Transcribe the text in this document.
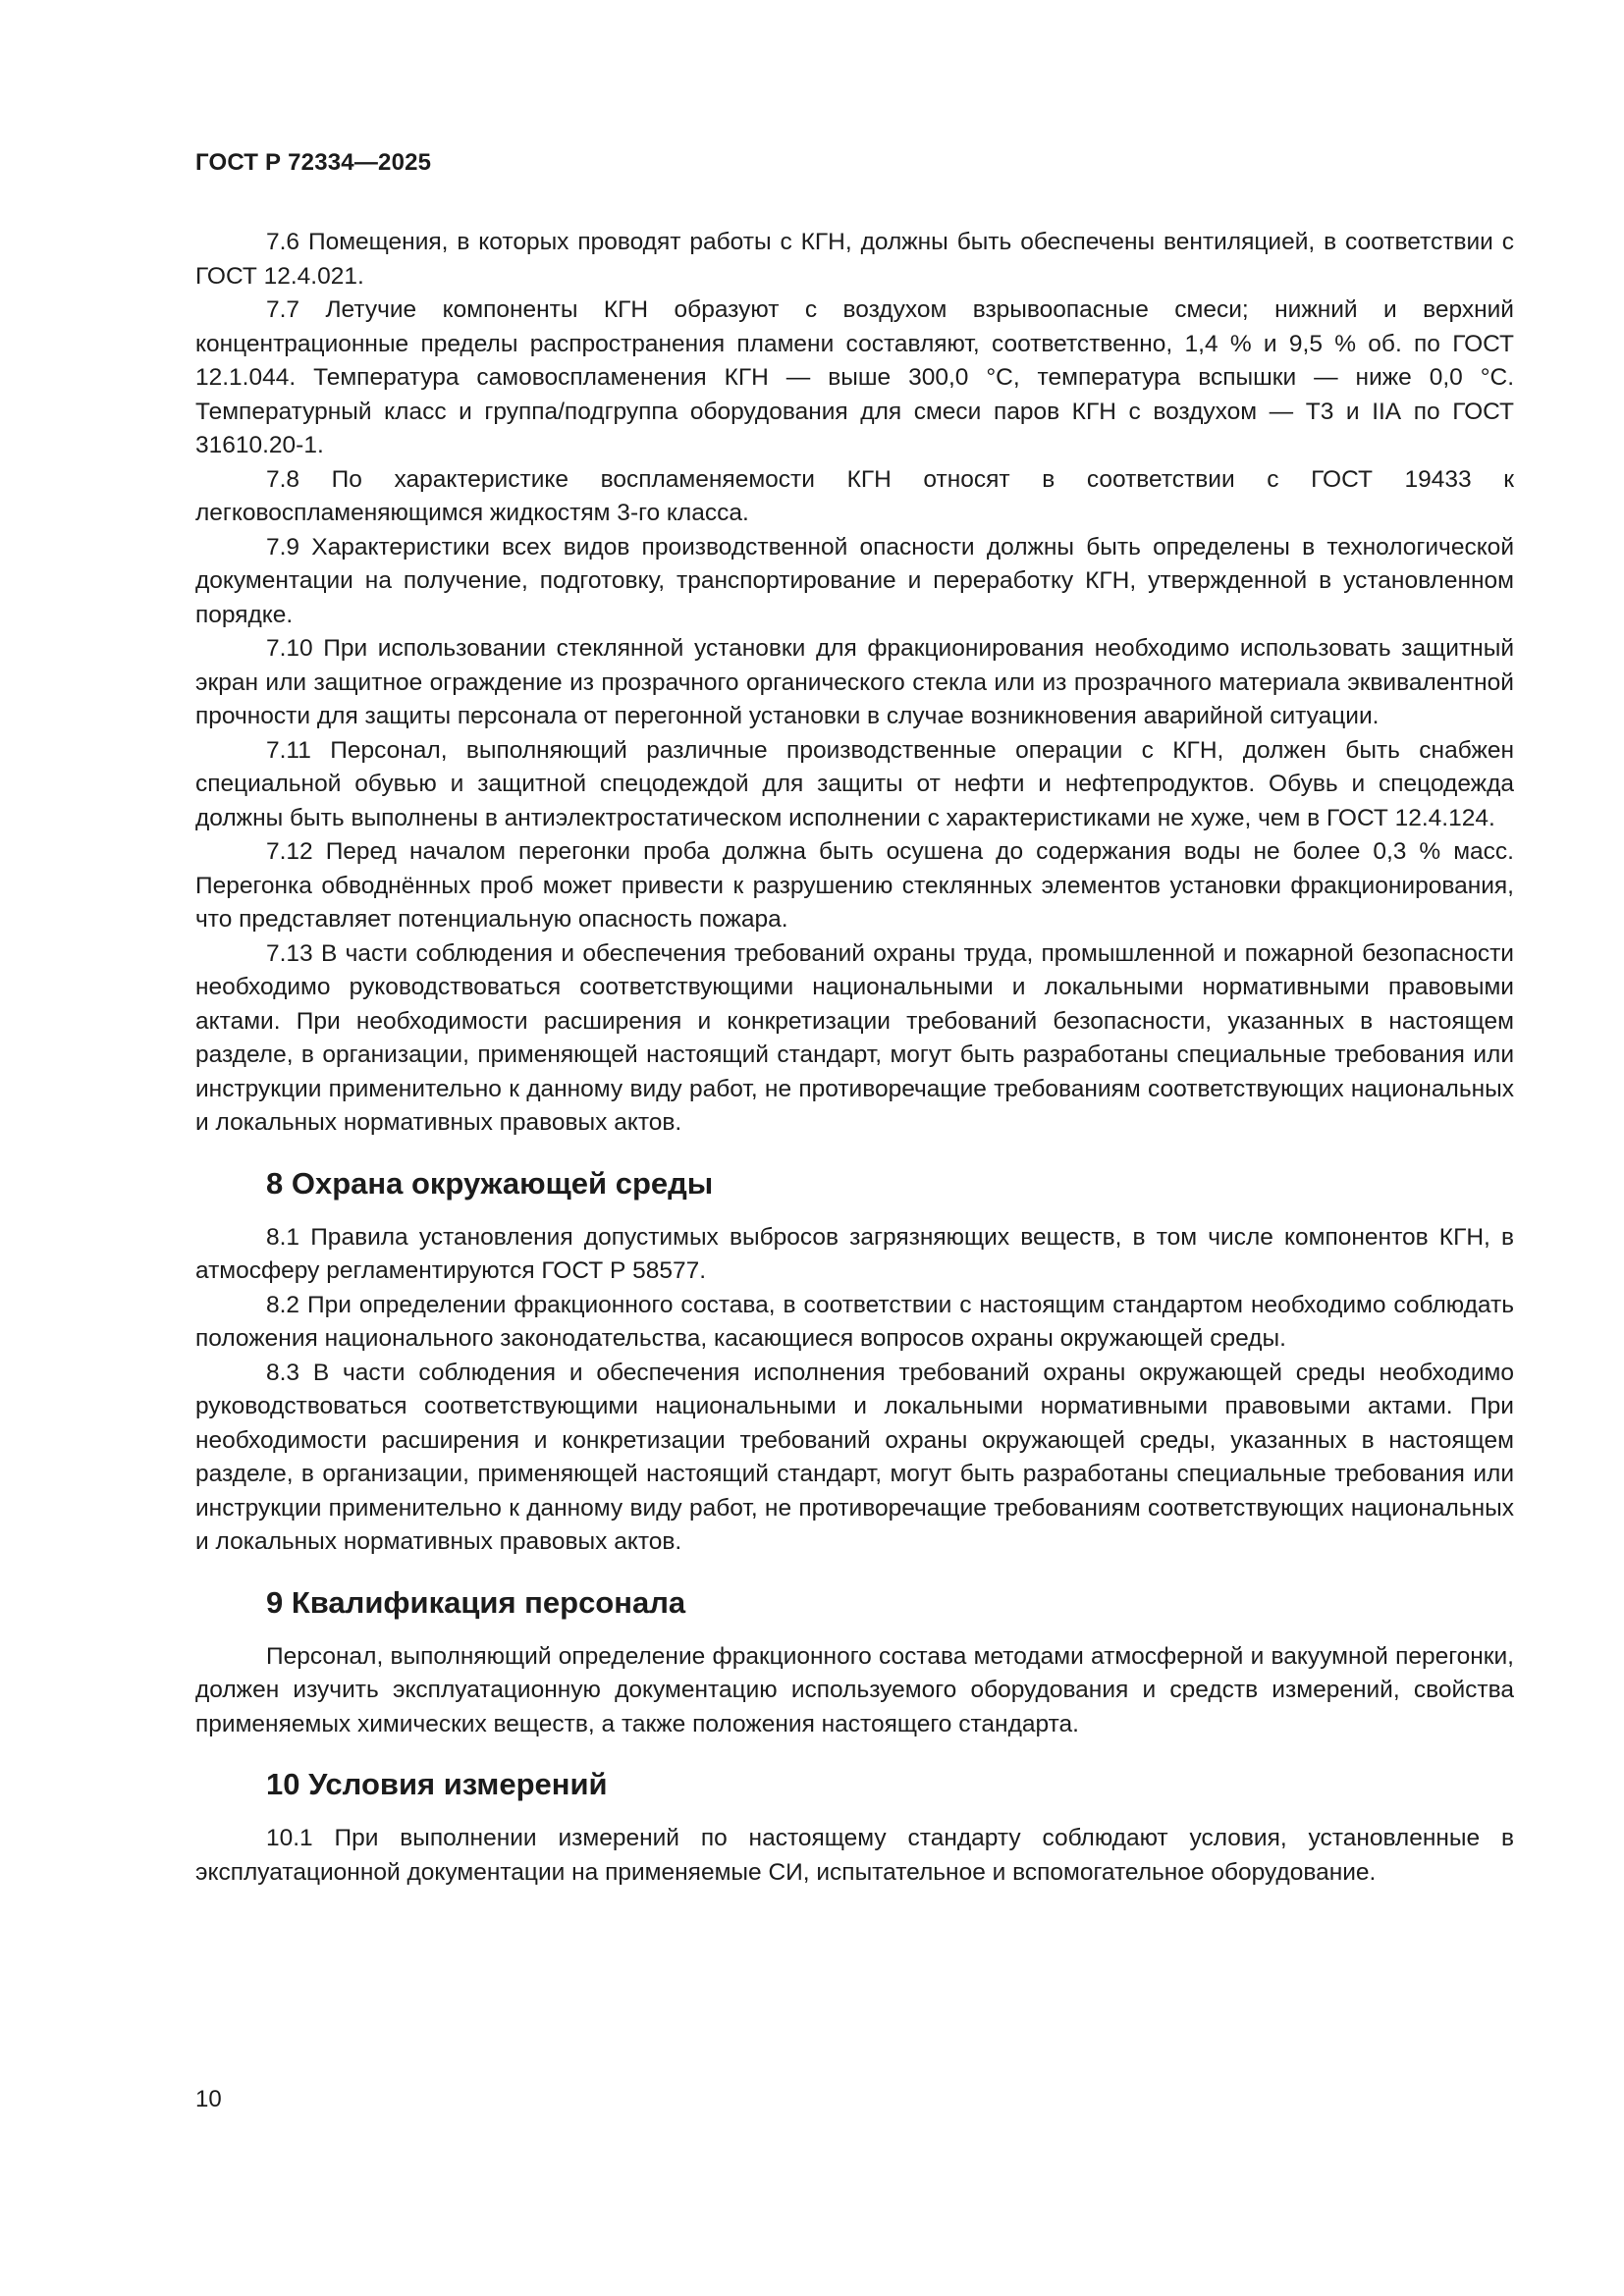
ГОСТ Р 72334—2025

7.6 Помещения, в которых проводят работы с КГН, должны быть обеспечены вентиляцией, в соответствии с ГОСТ 12.4.021.

7.7 Летучие компоненты КГН образуют с воздухом взрывоопасные смеси; нижний и верхний концентрационные пределы распространения пламени составляют, соответственно, 1,4 % и 9,5 % об. по ГОСТ 12.1.044. Температура самовоспламенения КГН — выше 300,0 °С, температура вспышки — ниже 0,0 °С. Температурный класс и группа/подгруппа оборудования для смеси паров КГН с воздухом — Т3 и IIА по ГОСТ 31610.20-1.

7.8 По характеристике воспламеняемости КГН относят в соответствии с ГОСТ 19433 к легковоспламеняющимся жидкостям 3-го класса.

7.9 Характеристики всех видов производственной опасности должны быть определены в технологической документации на получение, подготовку, транспортирование и переработку КГН, утвержденной в установленном порядке.

7.10 При использовании стеклянной установки для фракционирования необходимо использовать защитный экран или защитное ограждение из прозрачного органического стекла или из прозрачного материала эквивалентной прочности для защиты персонала от перегонной установки в случае возникновения аварийной ситуации.

7.11 Персонал, выполняющий различные производственные операции с КГН, должен быть снабжен специальной обувью и защитной спецодеждой для защиты от нефти и нефтепродуктов. Обувь и спецодежда должны быть выполнены в антиэлектростатическом исполнении с характеристиками не хуже, чем в ГОСТ 12.4.124.

7.12 Перед началом перегонки проба должна быть осушена до содержания воды не более 0,3 % масс. Перегонка обводнённых проб может привести к разрушению стеклянных элементов установки фракционирования, что представляет потенциальную опасность пожара.

7.13 В части соблюдения и обеспечения требований охраны труда, промышленной и пожарной безопасности необходимо руководствоваться соответствующими национальными и локальными нормативными правовыми актами. При необходимости расширения и конкретизации требований безопасности, указанных в настоящем разделе, в организации, применяющей настоящий стандарт, могут быть разработаны специальные требования или инструкции применительно к данному виду работ, не противоречащие требованиям соответствующих национальных и локальных нормативных правовых актов.

8 Охрана окружающей среды

8.1 Правила установления допустимых выбросов загрязняющих веществ, в том числе компонентов КГН, в атмосферу регламентируются ГОСТ Р 58577.

8.2 При определении фракционного состава, в соответствии с настоящим стандартом необходимо соблюдать положения национального законодательства, касающиеся вопросов охраны окружающей среды.

8.3 В части соблюдения и обеспечения исполнения требований охраны окружающей среды необходимо руководствоваться соответствующими национальными и локальными нормативными правовыми актами. При необходимости расширения и конкретизации требований охраны окружающей среды, указанных в настоящем разделе, в организации, применяющей настоящий стандарт, могут быть разработаны специальные требования или инструкции применительно к данному виду работ, не противоречащие требованиям соответствующих национальных и локальных нормативных правовых актов.

9 Квалификация персонала

Персонал, выполняющий определение фракционного состава методами атмосферной и вакуумной перегонки, должен изучить эксплуатационную документацию используемого оборудования и средств измерений, свойства применяемых химических веществ, а также положения настоящего стандарта.

10 Условия измерений

10.1 При выполнении измерений по настоящему стандарту соблюдают условия, установленные в эксплуатационной документации на применяемые СИ, испытательное и вспомогательное оборудование.

10
